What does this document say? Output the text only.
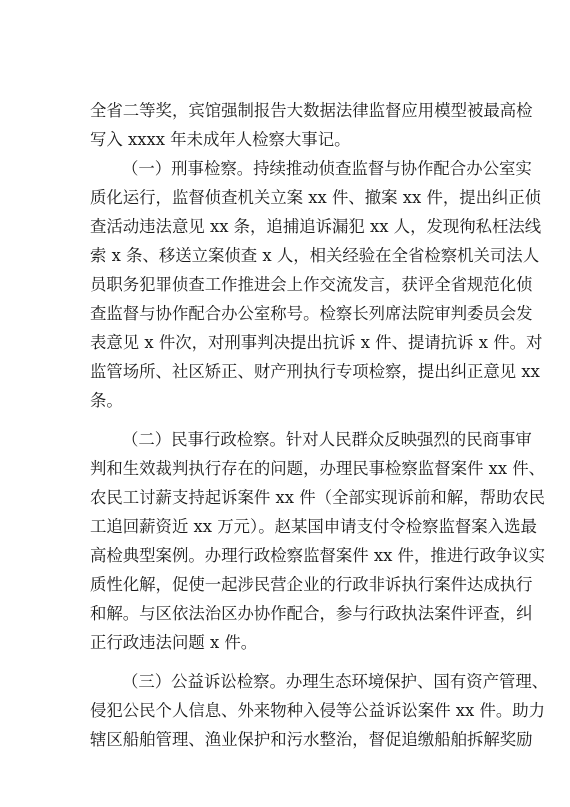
全省二等奖，宾馆强制报告大数据法律监督应用模型被最高检
写入 xxxx 年未成年人检察大事记。
（一）刑事检察。持续推动侦查监督与协作配合办公室实
质化运行，监督侦查机关立案 xx 件、撤案 xx 件，提出纠正侦
查活动违法意见 xx 条，追捕追诉漏犯 xx 人，发现徇私枉法线
索 x 条、移送立案侦查 x 人，相关经验在全省检察机关司法人
员职务犯罪侦查工作推进会上作交流发言，获评全省规范化侦
查监督与协作配合办公室称号。检察长列席法院审判委员会发
表意见 x 件次，对刑事判决提出抗诉 x 件、提请抗诉 x 件。对
监管场所、社区矫正、财产刑执行专项检察，提出纠正意见 xx
条。
（二）民事行政检察。针对人民群众反映强烈的民商事审
判和生效裁判执行存在的问题，办理民事检察监督案件 xx 件、
农民工讨薪支持起诉案件 xx 件（全部实现诉前和解，帮助农民
工追回薪资近 xx 万元）。赵某国申请支付令检察监督案入选最
高检典型案例。办理行政检察监督案件 xx 件，推进行政争议实
质性化解，促使一起涉民营企业的行政非诉执行案件达成执行
和解。与区依法治区办协作配合，参与行政执法案件评查，纠
正行政违法问题 x 件。
（三）公益诉讼检察。办理生态环境保护、国有资产管理、
侵犯公民个人信息、外来物种入侵等公益诉讼案件 xx 件。助力
辖区船舶管理、渔业保护和污水整治，督促追缴船舶拆解奖励
